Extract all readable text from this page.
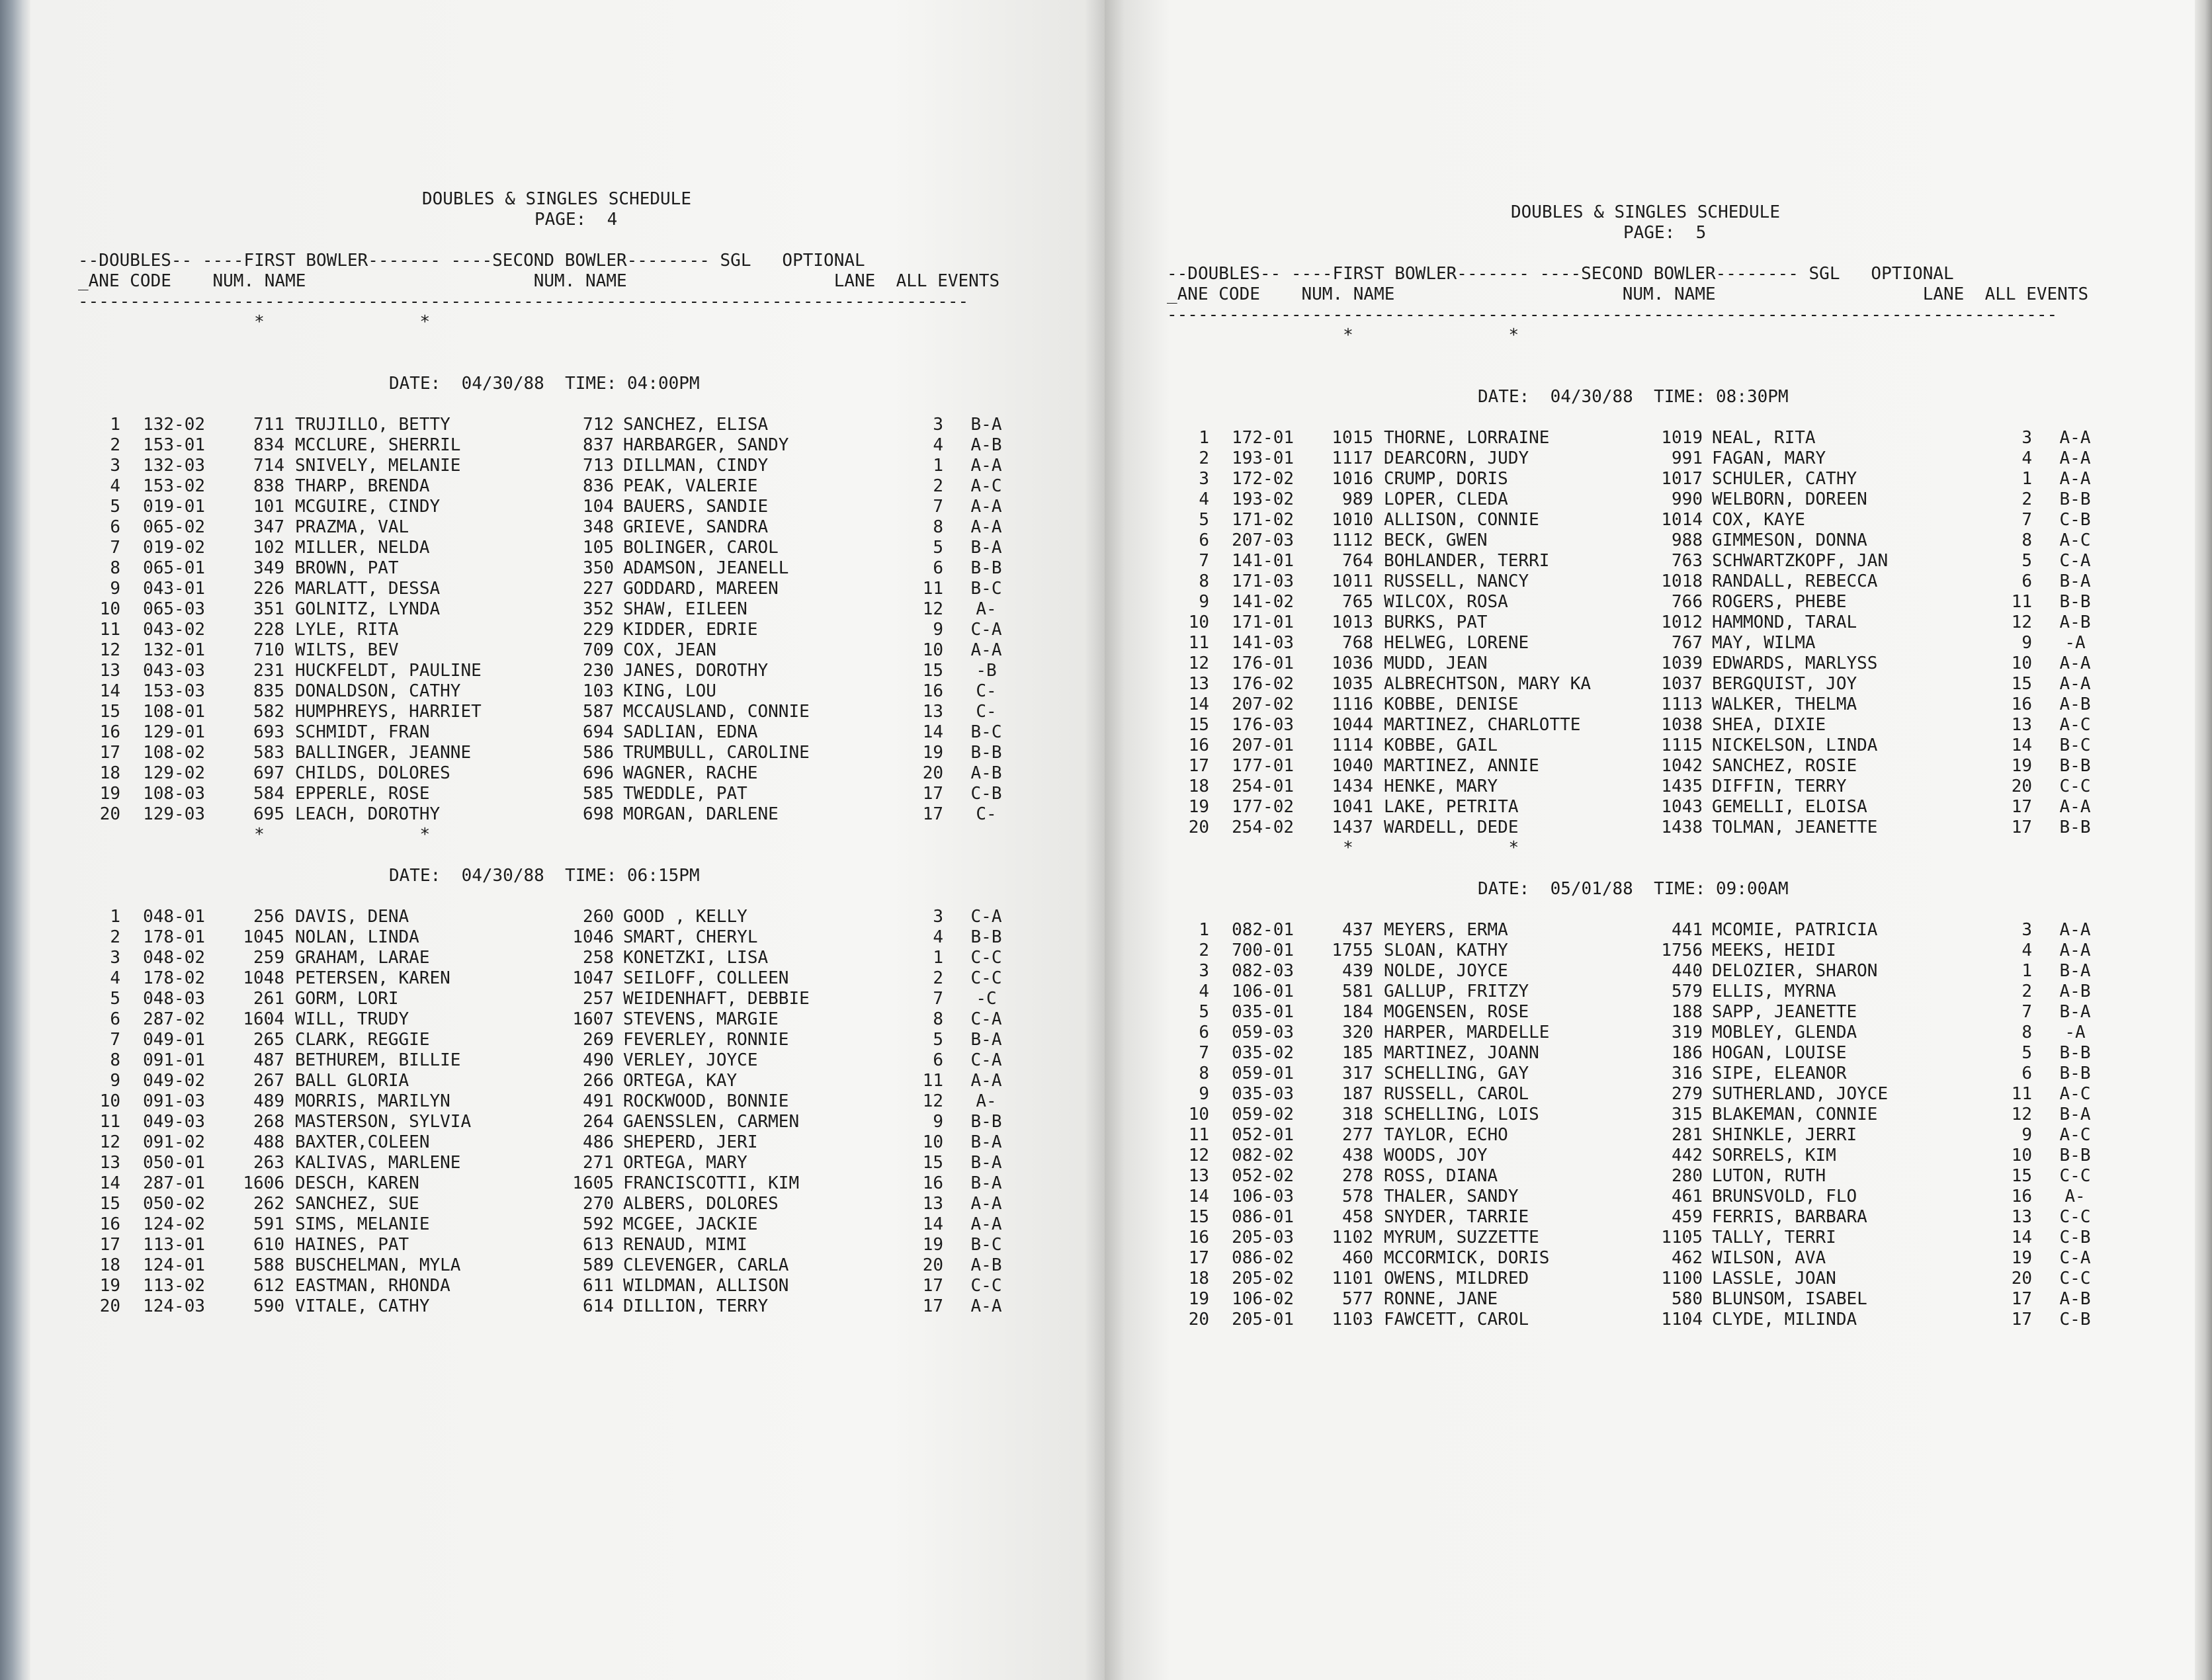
DOUBLES & SINGLES SCHEDULE
PAGE:  4
--DOUBLES-- ----FIRST BOWLER------- ----SECOND BOWLER-------- SGL   OPTIONAL
_ANE CODE    NUM. NAME                      NUM. NAME                    LANE  ALL EVENTS
--------------------------------------------------------------------------------------
*               *
DATE:  04/30/88  TIME: 04:00PM
1 132-02	711 TRUJILLO, BETTY	712 SANCHEZ, ELISA	3 B-A
2 153-01	834 MCCLURE, SHERRIL	837 HARBARGER, SANDY	4 A-B
3 132-03	714 SNIVELY, MELANIE	713 DILLMAN, CINDY	1 A-A
4 153-02	838 THARP, BRENDA	836 PEAK, VALERIE	2 A-C
5 019-01	101 MCGUIRE, CINDY	104 BAUERS, SANDIE	7 A-A
6 065-02	347 PRAZMA, VAL	348 GRIEVE, SANDRA	8 A-A
7 019-02	102 MILLER, NELDA	105 BOLINGER, CAROL	5 B-A
8 065-01	349 BROWN, PAT	350 ADAMSON, JEANELL	6 B-B
9 043-01	226 MARLATT, DESSA	227 GODDARD, MAREEN	11 B-C
10 065-03	351 GOLNITZ, LYNDA	352 SHAW, EILEEN	12 A-
11 043-02	228 LYLE, RITA	229 KIDDER, EDRIE	9 C-A
12 132-01	710 WILTS, BEV	709 COX, JEAN	10 A-A
13 043-03	231 HUCKFELDT, PAULINE	230 JANES, DOROTHY	15 -B
14 153-03	835 DONALDSON, CATHY	103 KING, LOU	16 C-
15 108-01	582 HUMPHREYS, HARRIET	587 MCCAUSLAND, CONNIE	13 C-
16 129-01	693 SCHMIDT, FRAN	694 SADLIAN, EDNA	14 B-C
17 108-02	583 BALLINGER, JEANNE	586 TRUMBULL, CAROLINE	19 B-B
18 129-02	697 CHILDS, DOLORES	696 WAGNER, RACHE	20 A-B
19 108-03	584 EPPERLE, ROSE	585 TWEDDLE, PAT	17 C-B
20 129-03	695 LEACH, DOROTHY	698 MORGAN, DARLENE	17 C-
*               *
DATE:  04/30/88  TIME: 06:15PM
1 048-01	256 DAVIS, DENA	260 GOOD , KELLY	3 C-A
2 178-01 1045 NOLAN, LINDA	1046 SMART, CHERYL	4 B-B
3 048-02	259 GRAHAM, LARAE	258 KONETZKI, LISA	1 C-C
4 178-02 1048 PETERSEN, KAREN	1047 SEILOFF, COLLEEN	2 C-C
5 048-03	261 GORM, LORI	257 WEIDENHAFT, DEBBIE	7 -C
6 287-02 1604 WILL, TRUDY	1607 STEVENS, MARGIE	8 C-A
7 049-01	265 CLARK, REGGIE	269 FEVERLEY, RONNIE	5 B-A
8 091-01	487 BETHUREM, BILLIE	490 VERLEY, JOYCE	6 C-A
9 049-02	267 BALL GLORIA	266 ORTEGA, KAY	11 A-A
10 091-03	489 MORRIS, MARILYN	491 ROCKWOOD, BONNIE	12 A-
11 049-03	268 MASTERSON, SYLVIA	264 GAENSSLEN, CARMEN	9 B-B
12 091-02	488 BAXTER,COLEEN	486 SHEPERD, JERI	10 B-A
13 050-01	263 KALIVAS, MARLENE	271 ORTEGA, MARY	15 B-A
14 287-01 1606 DESCH, KAREN	1605 FRANCISCOTTI, KIM	16 B-A
15 050-02	262 SANCHEZ, SUE	270 ALBERS, DOLORES	13 A-A
16 124-02	591 SIMS, MELANIE	592 MCGEE, JACKIE	14 A-A
17 113-01	610 HAINES, PAT	613 RENAUD, MIMI	19 B-C
18 124-01	588 BUSCHELMAN, MYLA	589 CLEVENGER, CARLA	20 A-B
19 113-02	612 EASTMAN, RHONDA	611 WILDMAN, ALLISON	17 C-C
20 124-03	590 VITALE, CATHY	614 DILLION, TERRY	17 A-A
DOUBLES & SINGLES SCHEDULE
PAGE:  5
--DOUBLES-- ----FIRST BOWLER------- ----SECOND BOWLER-------- SGL   OPTIONAL
_ANE CODE    NUM. NAME                      NUM. NAME                    LANE  ALL EVENTS
--------------------------------------------------------------------------------------
*               *
DATE:  04/30/88  TIME: 08:30PM
1 172-01 1015 THORNE, LORRAINE	1019 NEAL, RITA	3 A-A
2 193-01 1117 DEARCORN, JUDY	991 FAGAN, MARY	4 A-A
3 172-02 1016 CRUMP, DORIS	1017 SCHULER, CATHY	1 A-A
4 193-02	989 LOPER, CLEDA	990 WELBORN, DOREEN	2 B-B
5 171-02 1010 ALLISON, CONNIE	1014 COX, KAYE	7 C-B
6 207-03 1112 BECK, GWEN	988 GIMMESON, DONNA	8 A-C
7 141-01	764 BOHLANDER, TERRI	763 SCHWARTZKOPF, JAN	5 C-A
8 171-03 1011 RUSSELL, NANCY	1018 RANDALL, REBECCA	6 B-A
9 141-02	765 WILCOX, ROSA	766 ROGERS, PHEBE	11 B-B
10 171-01 1013 BURKS, PAT	1012 HAMMOND, TARAL	12 A-B
11 141-03	768 HELWEG, LORENE	767 MAY, WILMA	9 -A
12 176-01 1036 MUDD, JEAN	1039 EDWARDS, MARLYSS	10 A-A
13 176-02 1035 ALBRECHTSON, MARY KA	1037 BERGQUIST, JOY	15 A-A
14 207-02 1116 KOBBE, DENISE	1113 WALKER, THELMA	16 A-B
15 176-03 1044 MARTINEZ, CHARLOTTE	1038 SHEA, DIXIE	13 A-C
16 207-01 1114 KOBBE, GAIL	1115 NICKELSON, LINDA	14 B-C
17 177-01 1040 MARTINEZ, ANNIE	1042 SANCHEZ, ROSIE	19 B-B
18 254-01 1434 HENKE, MARY	1435 DIFFIN, TERRY	20 C-C
19 177-02 1041 LAKE, PETRITA	1043 GEMELLI, ELOISA	17 A-A
20 254-02 1437 WARDELL, DEDE	1438 TOLMAN, JEANETTE	17 B-B
*               *
DATE:  05/01/88  TIME: 09:00AM
1 082-01	437 MEYERS, ERMA	441 MCOMIE, PATRICIA	3 A-A
2 700-01 1755 SLOAN, KATHY	1756 MEEKS, HEIDI	4 A-A
3 082-03	439 NOLDE, JOYCE	440 DELOZIER, SHARON	1 B-A
4 106-01	581 GALLUP, FRITZY	579 ELLIS, MYRNA	2 A-B
5 035-01	184 MOGENSEN, ROSE	188 SAPP, JEANETTE	7 B-A
6 059-03	320 HARPER, MARDELLE	319 MOBLEY, GLENDA	8 -A
7 035-02	185 MARTINEZ, JOANN	186 HOGAN, LOUISE	5 B-B
8 059-01	317 SCHELLING, GAY	316 SIPE, ELEANOR	6 B-B
9 035-03	187 RUSSELL, CAROL	279 SUTHERLAND, JOYCE	11 A-C
10 059-02	318 SCHELLING, LOIS	315 BLAKEMAN, CONNIE	12 B-A
11 052-01	277 TAYLOR, ECHO	281 SHINKLE, JERRI	9 A-C
12 082-02	438 WOODS, JOY	442 SORRELS, KIM	10 B-B
13 052-02	278 ROSS, DIANA	280 LUTON, RUTH	15 C-C
14 106-03	578 THALER, SANDY	461 BRUNSVOLD, FLO	16 A-
15 086-01	458 SNYDER, TARRIE	459 FERRIS, BARBARA	13 C-C
16 205-03 1102 MYRUM, SUZZETTE	1105 TALLY, TERRI	14 C-B
17 086-02	460 MCCORMICK, DORIS	462 WILSON, AVA	19 C-A
18 205-02 1101 OWENS, MILDRED	1100 LASSLE, JOAN	20 C-C
19 106-02	577 RONNE, JANE	580 BLUNSOM, ISABEL	17 A-B
20 205-01 1103 FAWCETT, CAROL	1104 CLYDE, MILINDA	17 C-B
